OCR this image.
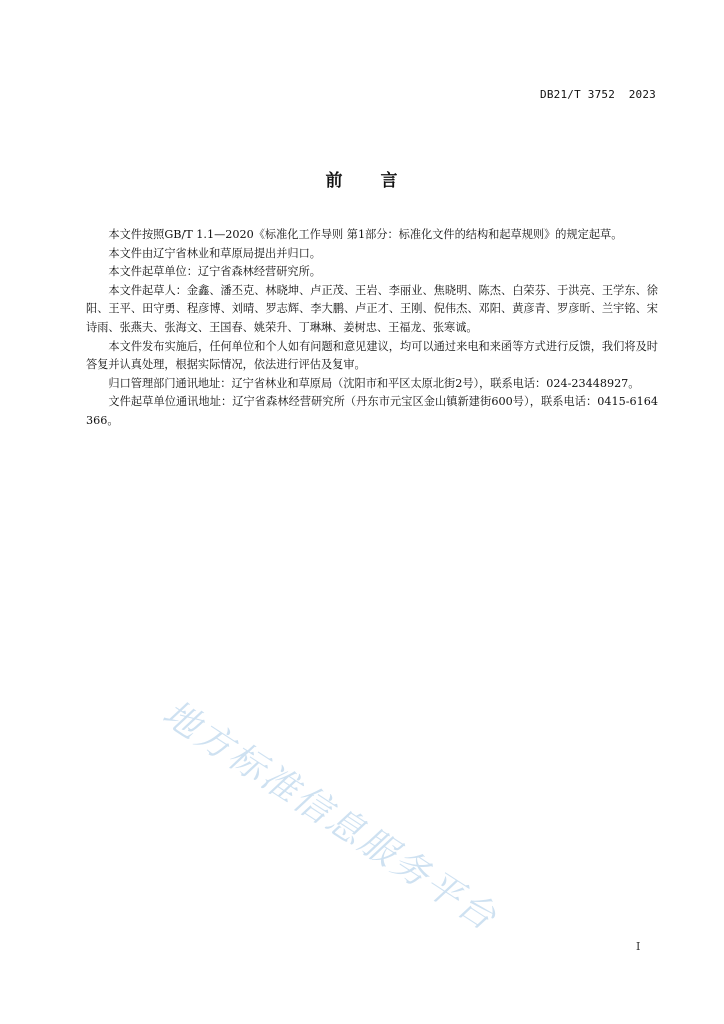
DB21/T 3752  2023
前 言

本文件按照GB/T 1.1—2020《标准化工作导则 第1部分：标准化文件的结构和起草规则》的规定起草。

本文件由辽宁省林业和草原局提出并归口。

本文件起草单位：辽宁省森林经营研究所。

本文件起草人：金鑫、潘丕克、林晓坤、卢正茂、王岩、李丽业、焦晓明、陈杰、白荣芬、于洪亮、王学东、徐阳、王平、田守勇、程彦博、刘晴、罗志辉、李大鹏、卢正才、王刚、倪伟杰、邓阳、黄彦青、罗彦昕、兰宇铭、宋诗雨、张燕夫、张海文、王国春、姚荣升、丁琳琳、姜树忠、王福龙、张寒诚。

本文件发布实施后，任何单位和个人如有问题和意见建议，均可以通过来电和来函等方式进行反馈，我们将及时答复并认真处理，根据实际情况，依法进行评估及复审。

归口管理部门通讯地址：辽宁省林业和草原局（沈阳市和平区太原北街2号），联系电话：024-23448927。

文件起草单位通讯地址：辽宁省森林经营研究所（丹东市元宝区金山镇新建街600号），联系电话：0415-6164366。

地方标准信息服务平台
I
